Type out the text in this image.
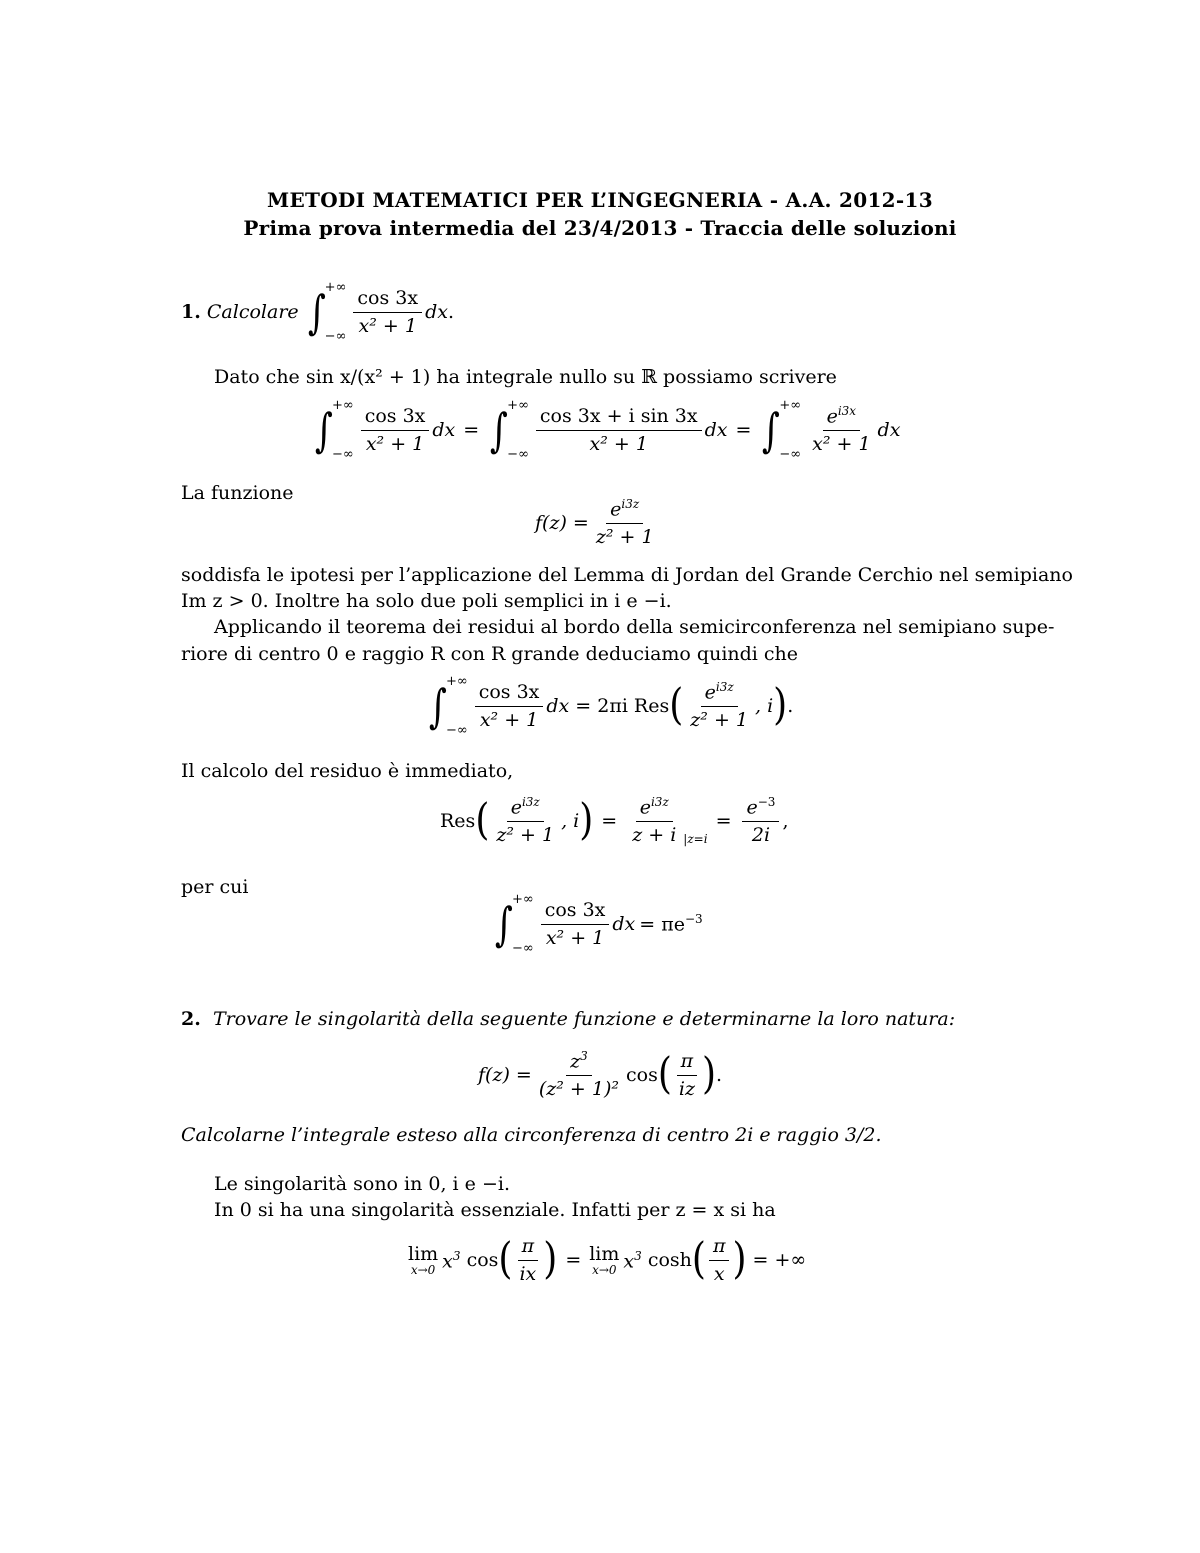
METODI MATEMATICI PER L’INGEGNERIA - A.A. 2012-13
Prima prova intermedia del 23/4/2013 - Traccia delle soluzioni
1.
Calcolare
∫
+∞
−∞
$\frac{\cos 3x}{\text{x² + 1}}$ dx .
Dato che sin x/(x² + 1) ha integrale nullo su ℝ possiamo scrivere
∫
+∞
−∞
$\frac{\cos 3x}{\text{x² + 1}}$ dx = ∫
+∞
−∞
$\frac{\text{cos 3x + i sin 3x}}{\text{x² + 1}}$ dx = ∫
+∞
−∞ $\frac{e^{i3x}}{\text{x² + 1}}$ dx
La funzione
$f(z) = \frac{e^{i3z}}{\text{z² + 1}}$
soddisfa le ipotesi per l’applicazione del Lemma di Jordan del Grande Cerchio nel semipiano
Im z > 0. Inoltre ha solo due poli semplici in i e −i.
Applicando il teorema dei residui al bordo della semicirconferenza nel semipiano supe-
riore di centro 0 e raggio R con R grande deduciamo quindi che
∫
+∞
−∞
$\frac{\cos 3x}{\text{x² + 1}}$ dx = 2πi Res ( $\frac{e^{i3z}}{\text{z² + 1}}$ , i ) .
Il calcolo del residuo è immediato,
Res ( $\frac{e^{i3z}}{\text{z² + 1}}$ , i ) = $\frac{e^{i3z}}{z + i} |z=i$
= $\frac{e^{-3}}{2i}$ ,
per cui
∫
+∞
−∞
$\frac{\cos 3x}{\text{x² + 1}}$ dx = $\pi e^{-3}$
2. Trovare le singolarità della seguente funzione e determinarne la loro natura:
$f(z) = \frac{z^3}{\text{(z² + 1)²}}$ cos ( $\frac{\pi}{iz}$ ) .
Calcolarne l’integrale esteso alla circonferenza di centro 2i e raggio 3/2.
Le singolarità sono in 0, i e −i.
In 0 si ha una singolarità essenziale. Infatti per z = x si ha
lim
x→0 $x^3$
cos ( $\frac{\pi}{ix}$ ) = lim
x→0 $x^3$
cosh ( $\frac{\pi}{x}$ ) = +∞
